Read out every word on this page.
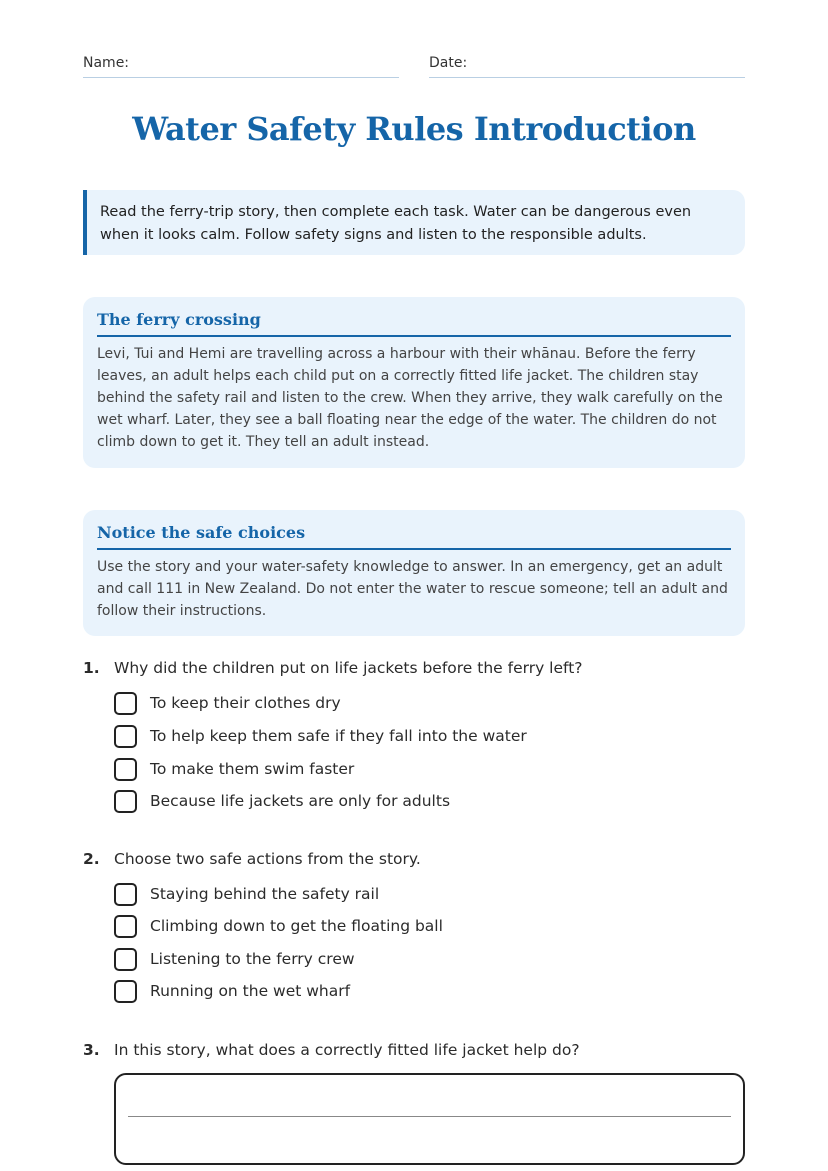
Name:	Date:
Water Safety Rules Introduction
Read the ferry-trip story, then complete each task. Water can be dangerous even when it looks calm. Follow safety signs and listen to the responsible adults.
The ferry crossing

Levi, Tui and Hemi are travelling across a harbour with their whānau. Before the ferry leaves, an adult helps each child put on a correctly fitted life jacket. The children stay behind the safety rail and listen to the crew. When they arrive, they walk carefully on the wet wharf. Later, they see a ball floating near the edge of the water. The children do not climb down to get it. They tell an adult instead.

Notice the safe choices

Use the story and your water-safety knowledge to answer. In an emergency, get an adult and call 111 in New Zealand. Do not enter the water to rescue someone; tell an adult and follow their instructions.

1. Why did the children put on life jackets before the ferry left?
To keep their clothes dry
To help keep them safe if they fall into the water
To make them swim faster
Because life jackets are only for adults
2. Choose two safe actions from the story.
Staying behind the safety rail
Climbing down to get the floating ball
Listening to the ferry crew
Running on the wet wharf
3. In this story, what does a correctly fitted life jacket help do?
